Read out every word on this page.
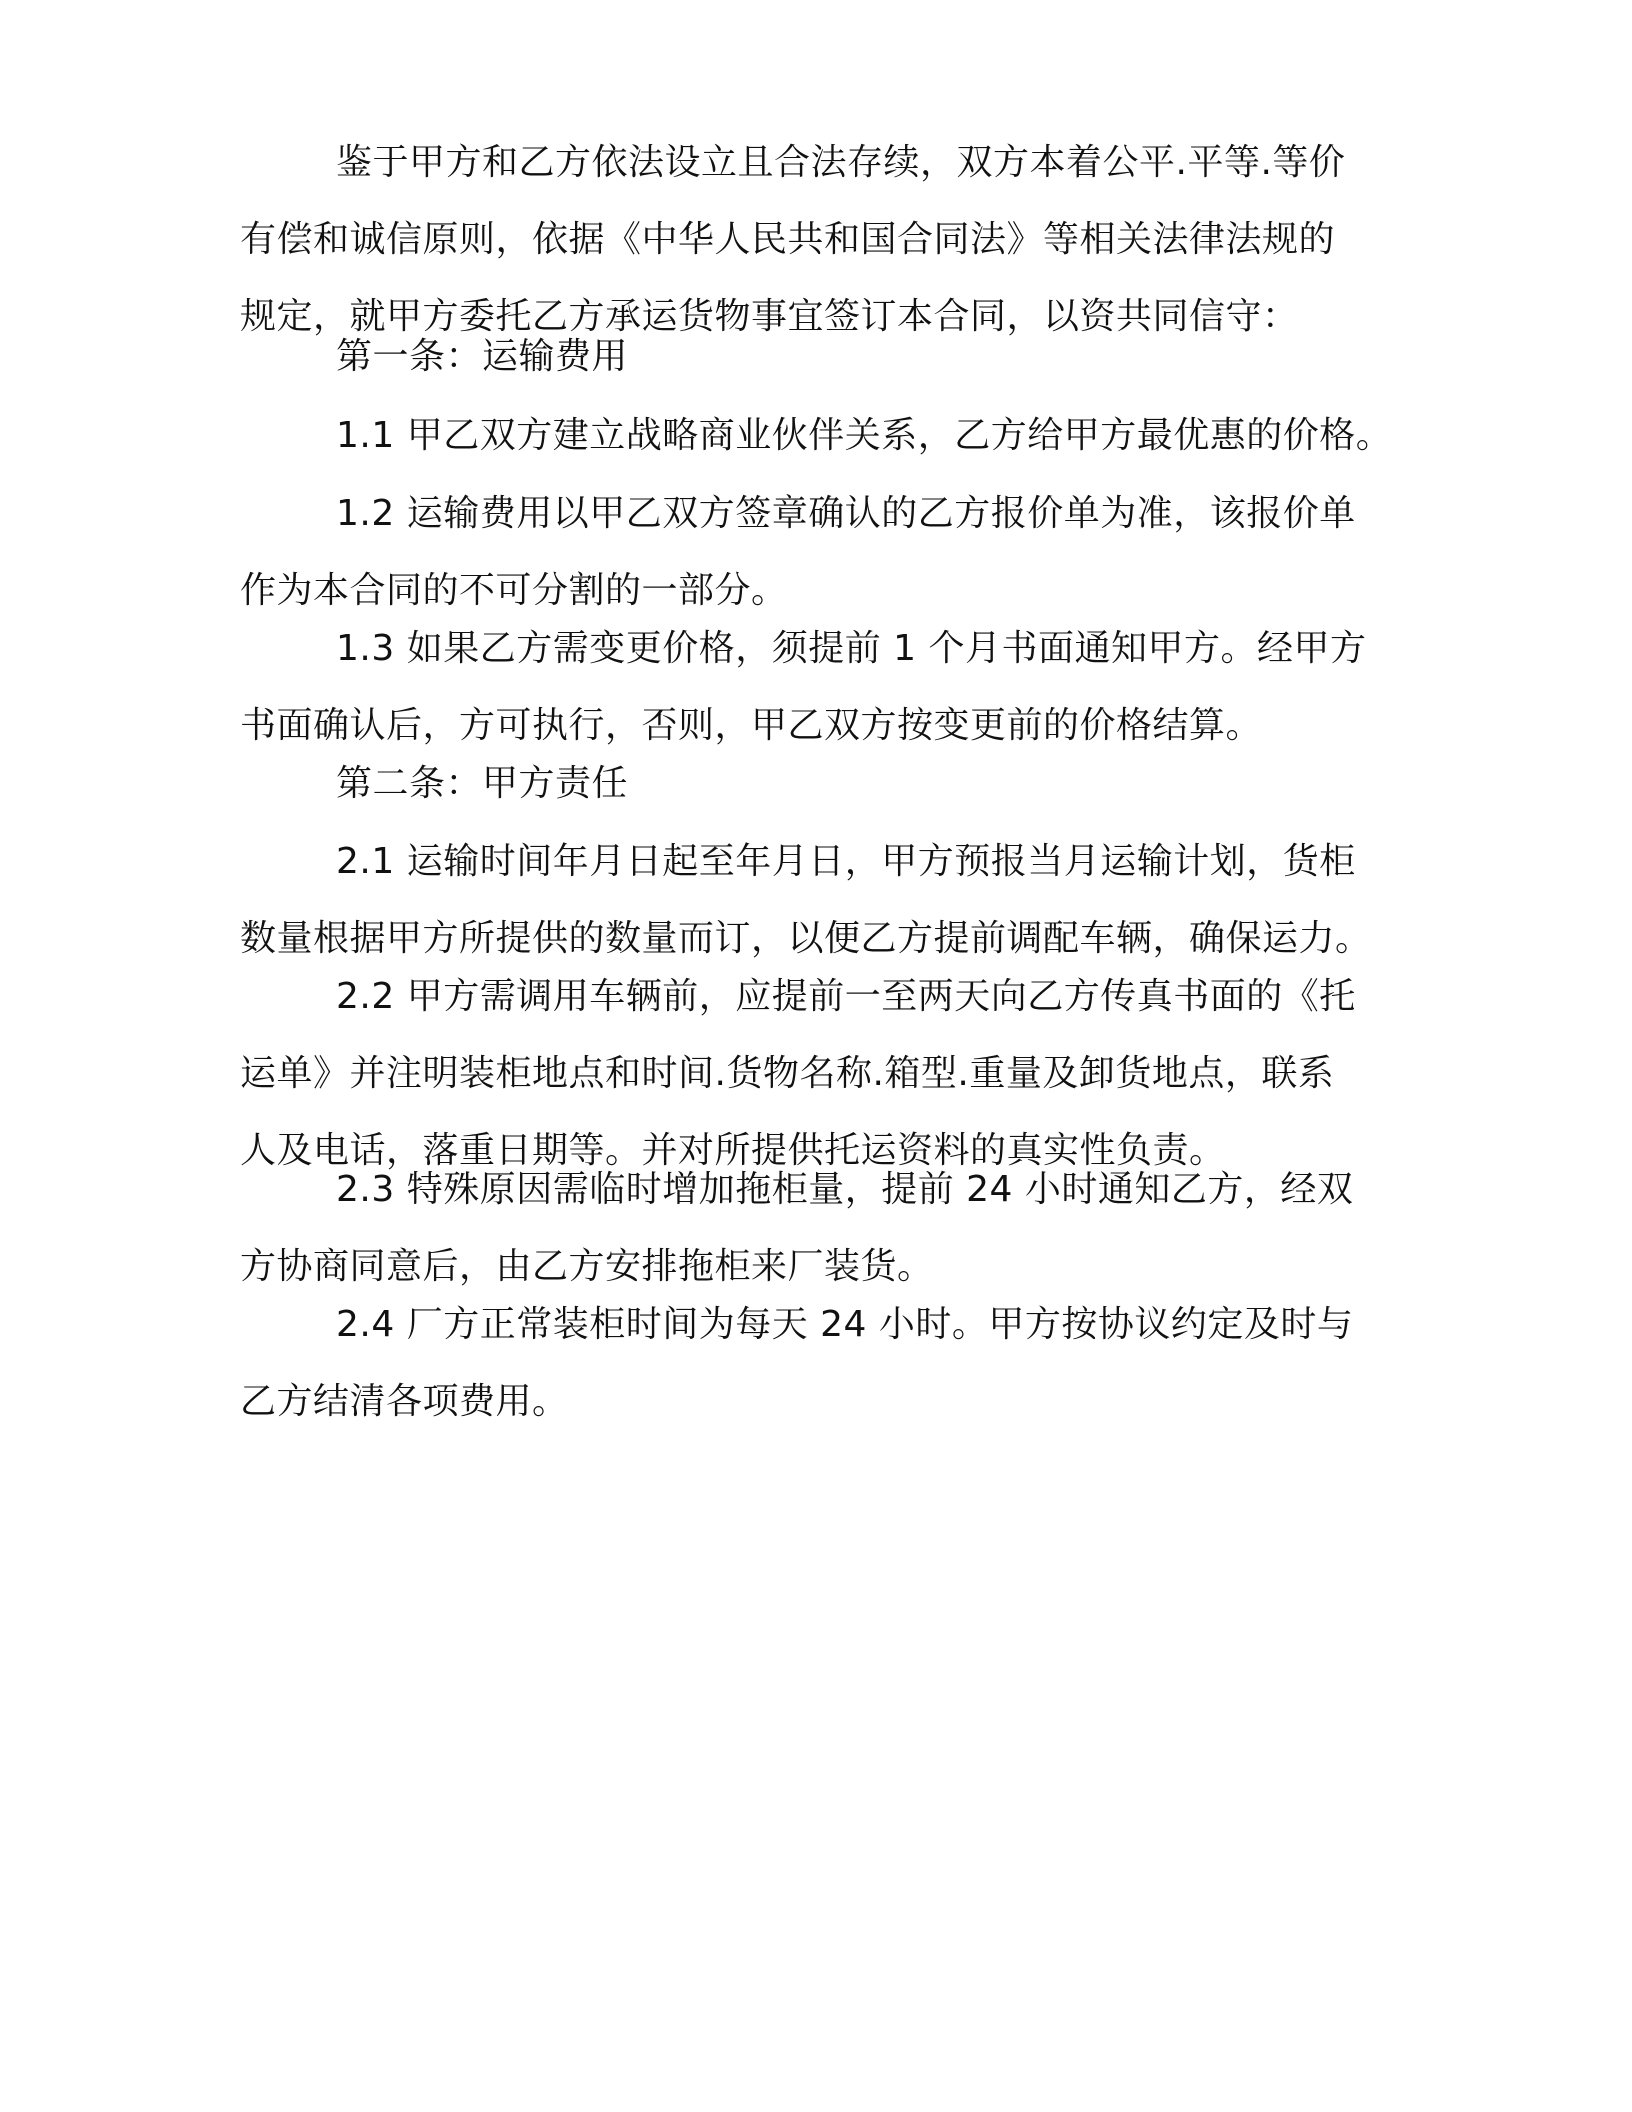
鉴于甲方和乙方依法设立且合法存续，双方本着公平.平等.等价
有偿和诚信原则，依据《中华人民共和国合同法》等相关法律法规的
规定，就甲方委托乙方承运货物事宜签订本合同，以资共同信守：
第一条：运输费用
1.1 甲乙双方建立战略商业伙伴关系，乙方给甲方最优惠的价格。
1.2 运输费用以甲乙双方签章确认的乙方报价单为准，该报价单
作为本合同的不可分割的一部分。
1.3 如果乙方需变更价格，须提前 1 个月书面通知甲方。经甲方
书面确认后，方可执行，否则，甲乙双方按变更前的价格结算。
第二条：甲方责任
2.1 运输时间年月日起至年月日，甲方预报当月运输计划，货柜
数量根据甲方所提供的数量而订，以便乙方提前调配车辆，确保运力。
2.2 甲方需调用车辆前，应提前一至两天向乙方传真书面的《托
运单》并注明装柜地点和时间.货物名称.箱型.重量及卸货地点，联系
人及电话，落重日期等。并对所提供托运资料的真实性负责。
2.3 特殊原因需临时增加拖柜量，提前 24 小时通知乙方，经双
方协商同意后，由乙方安排拖柜来厂装货。
2.4 厂方正常装柜时间为每天 24 小时。甲方按协议约定及时与
乙方结清各项费用。
